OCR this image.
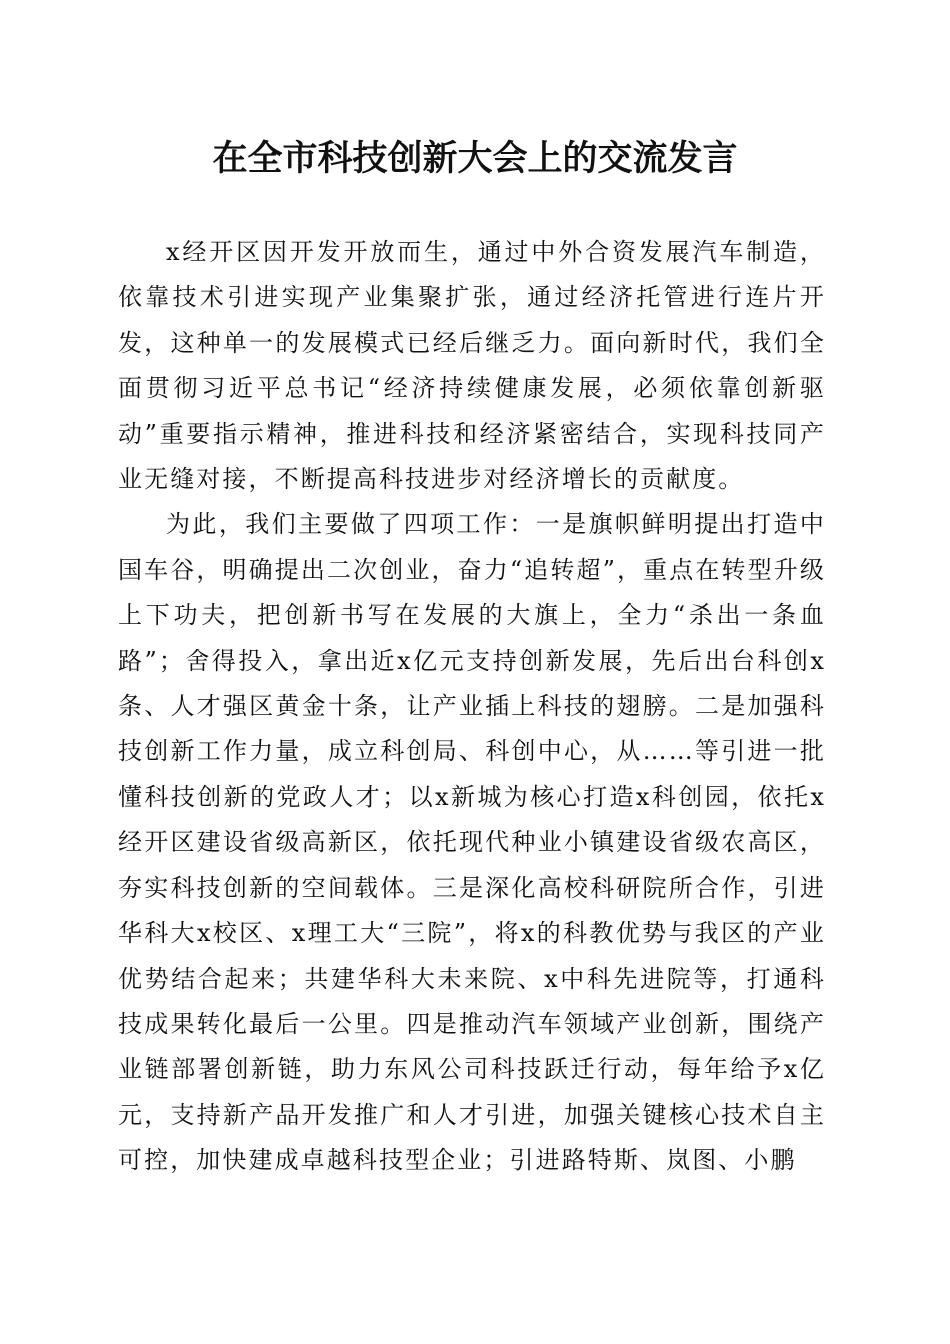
在全市科技创新大会上的交流发言

x经开区因开发开放而生，通过中外合资发展汽车制造，依靠技术引进实现产业集聚扩张，通过经济托管进行连片开发，这种单一的发展模式已经后继乏力。面向新时代，我们全面贯彻习近平总书记“经济持续健康发展，必须依靠创新驱动”重要指示精神，推进科技和经济紧密结合，实现科技同产业无缝对接，不断提高科技进步对经济增长的贡献度。

为此，我们主要做了四项工作：一是旗帜鲜明提出打造中国车谷，明确提出二次创业，奋力“追转超”，重点在转型升级上下功夫，把创新书写在发展的大旗上，全力“杀出一条血路”；舍得投入，拿出近x亿元支持创新发展，先后出台科创x条、人才强区黄金十条，让产业插上科技的翅膀。二是加强科技创新工作力量，成立科创局、科创中心，从……等引进一批懂科技创新的党政人才；以x新城为核心打造x科创园，依托x经开区建设省级高新区，依托现代种业小镇建设省级农高区，夯实科技创新的空间载体。三是深化高校科研院所合作，引进华科大x校区、x理工大“三院”，将x的科教优势与我区的产业优势结合起来；共建华科大未来院、x中科先进院等，打通科技成果转化最后一公里。四是推动汽车领域产业创新，围绕产业链部署创新链，助力东风公司科技跃迁行动，每年给予x亿元，支持新产品开发推广和人才引进，加强关键核心技术自主可控，加快建成卓越科技型企业；引进路特斯、岚图、小鹏
